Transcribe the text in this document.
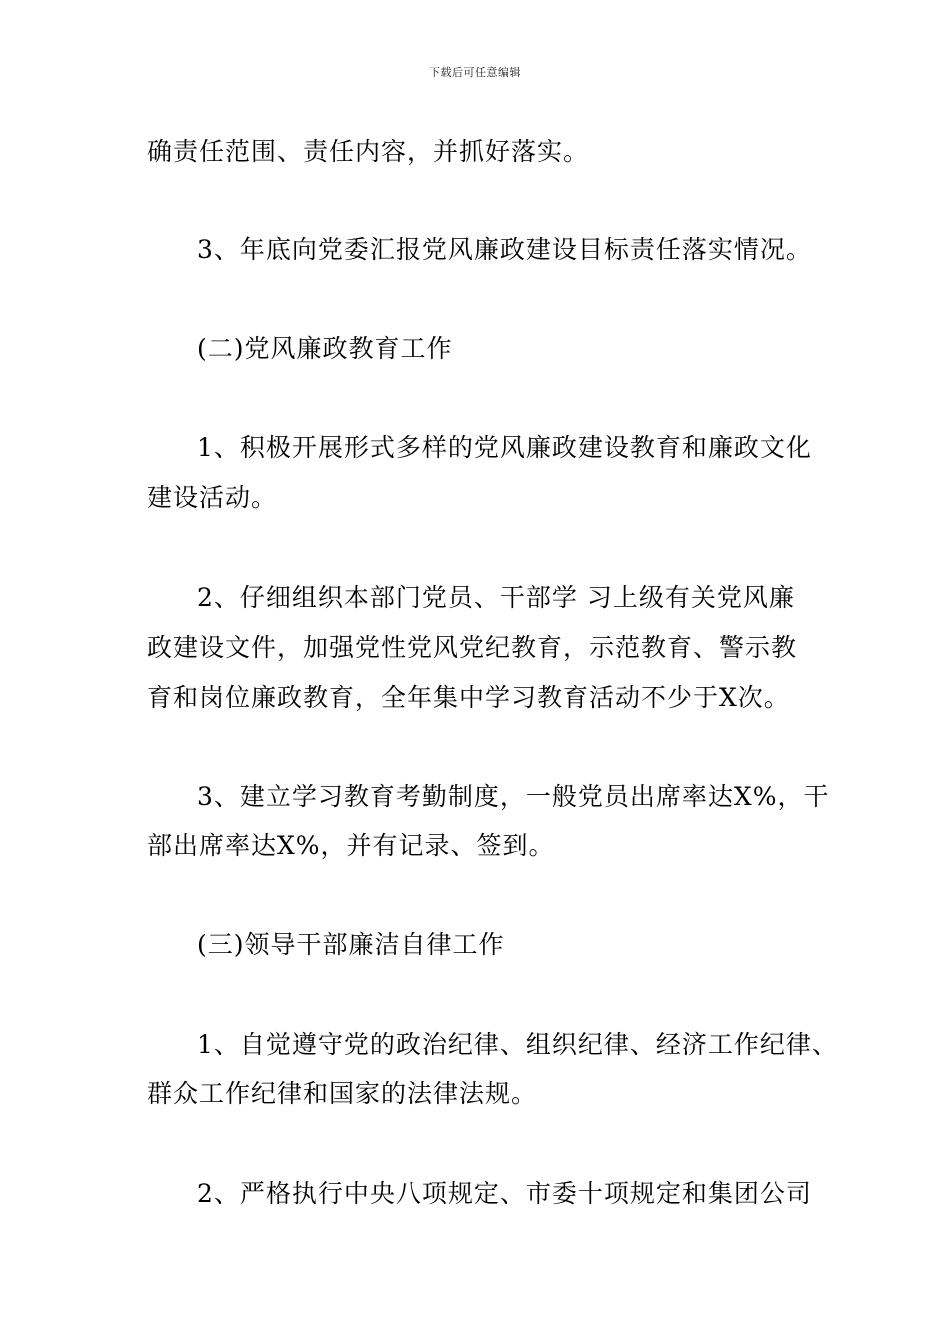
下载后可任意编辑
确责任范围、责任内容，并抓好落实。
3、年底向党委汇报党风廉政建设目标责任落实情况。
(二)党风廉政教育工作
1、积极开展形式多样的党风廉政建设教育和廉政文化
建设活动。
2、仔细组织本部门党员、干部学 习上级有关党风廉
政建设文件，加强党性党风党纪教育，示范教育、警示教
育和岗位廉政教育，全年集中学习教育活动不少于X次。
3、建立学习教育考勤制度，一般党员出席率达X%，干
部出席率达X%，并有记录、签到。
(三)领导干部廉洁自律工作
1、自觉遵守党的政治纪律、组织纪律、经济工作纪律、
群众工作纪律和国家的法律法规。
2、严格执行中央八项规定、市委十项规定和集团公司
